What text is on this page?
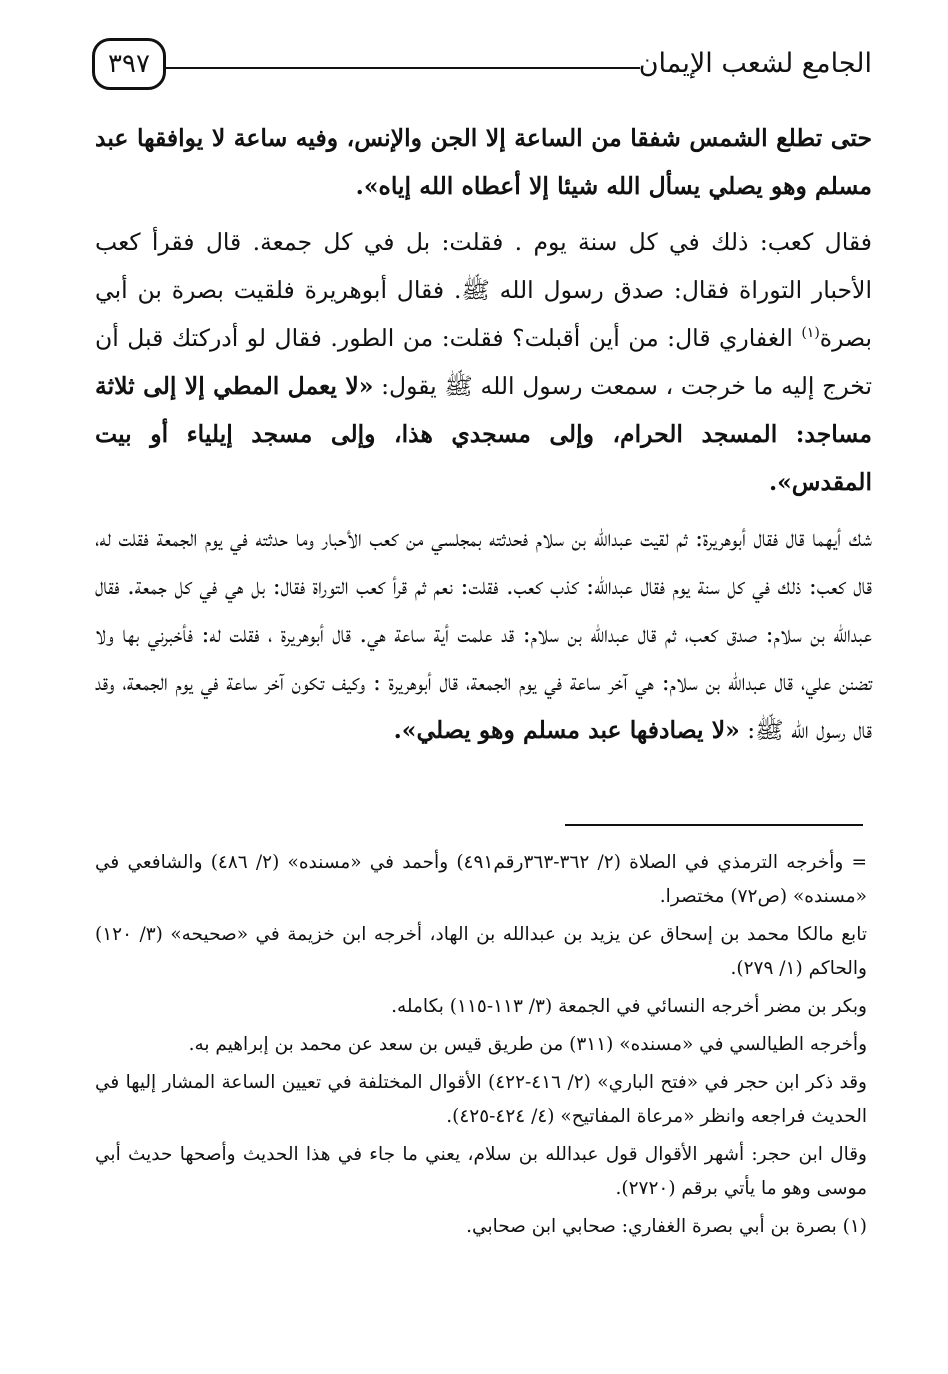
الجامع لشعب الإيمان
٣٩٧

حتى تطلع الشمس شفقا من الساعة إلا الجن والإنس، وفيه ساعة لا يوافقها عبد مسلم وهو يصلي يسأل الله شيئا إلا أعطاه الله إياه».

فقال كعب: ذلك في كل سنة يوم . فقلت: بل في كل جمعة. قال فقرأ كعب الأحبار التوراة فقال: صدق رسول الله ﷺ. فقال أبوهريرة فلقيت بصرة بن أبي بصرة$^{(١)}$ الغفاري قال: من أين أقبلت؟ فقلت: من الطور. فقال لو أدركتك قبل أن تخرج إليه ما خرجت ، سمعت رسول الله ﷺ يقول: «لا يعمل المطي إلا إلى ثلاثة مساجد: المسجد الحرام، وإلى مسجدي هذا، وإلى مسجد إيلياء أو بيت المقدس».

شك أيهما قال فقال أبوهريرة: ثم لقيت عبدالله بن سلام فحدثته بمجلسي من كعب الأحبار وما حدثته في يوم الجمعة فقلت له، قال كعب: ذلك في كل سنة يوم فقال عبدالله: كذب كعب. فقلت: نعم ثم قرأ كعب التوراة فقال: بل هي في كل جمعة. فقال عبدالله بن سلام: صدق كعب، ثم قال عبدالله بن سلام: قد علمت أية ساعة هي. قال أبوهريرة ، فقلت له: فأخبرني بها ولا تضنن علي، قال عبدالله بن سلام: هي آخر ساعة في يوم الجمعة، قال أبوهريرة : وكيف تكون آخر ساعة في يوم الجمعة، وقد قال رسول الله ﷺ: «لا يصادفها عبد مسلم وهو يصلي».

= وأخرجه الترمذي في الصلاة (٢/ ٣٦٢-٣٦٣رقم٤٩١) وأحمد في «مسنده» (٢/ ٤٨٦) والشافعي في «مسنده» (ص٧٢) مختصرا.

تابع مالكا محمد بن إسحاق عن يزيد بن عبدالله بن الهاد، أخرجه ابن خزيمة في «صحيحه» (٣/ ١٢٠) والحاكم (١/ ٢٧٩).

وبكر بن مضر أخرجه النسائي في الجمعة (٣/ ١١٣-١١٥) بكامله.

وأخرجه الطيالسي في «مسنده» (٣١١) من طريق قيس بن سعد عن محمد بن إبراهيم به.

وقد ذكر ابن حجر في «فتح الباري» (٢/ ٤١٦-٤٢٢) الأقوال المختلفة في تعيين الساعة المشار إليها في الحديث فراجعه وانظر «مرعاة المفاتيح» (٤/ ٤٢٤-٤٢٥).

وقال ابن حجر: أشهر الأقوال قول عبدالله بن سلام، يعني ما جاء في هذا الحديث وأصحها حديث أبي موسى وهو ما يأتي برقم (٢٧٢٠).

(١) بصرة بن أبي بصرة الغفاري: صحابي ابن صحابي.
